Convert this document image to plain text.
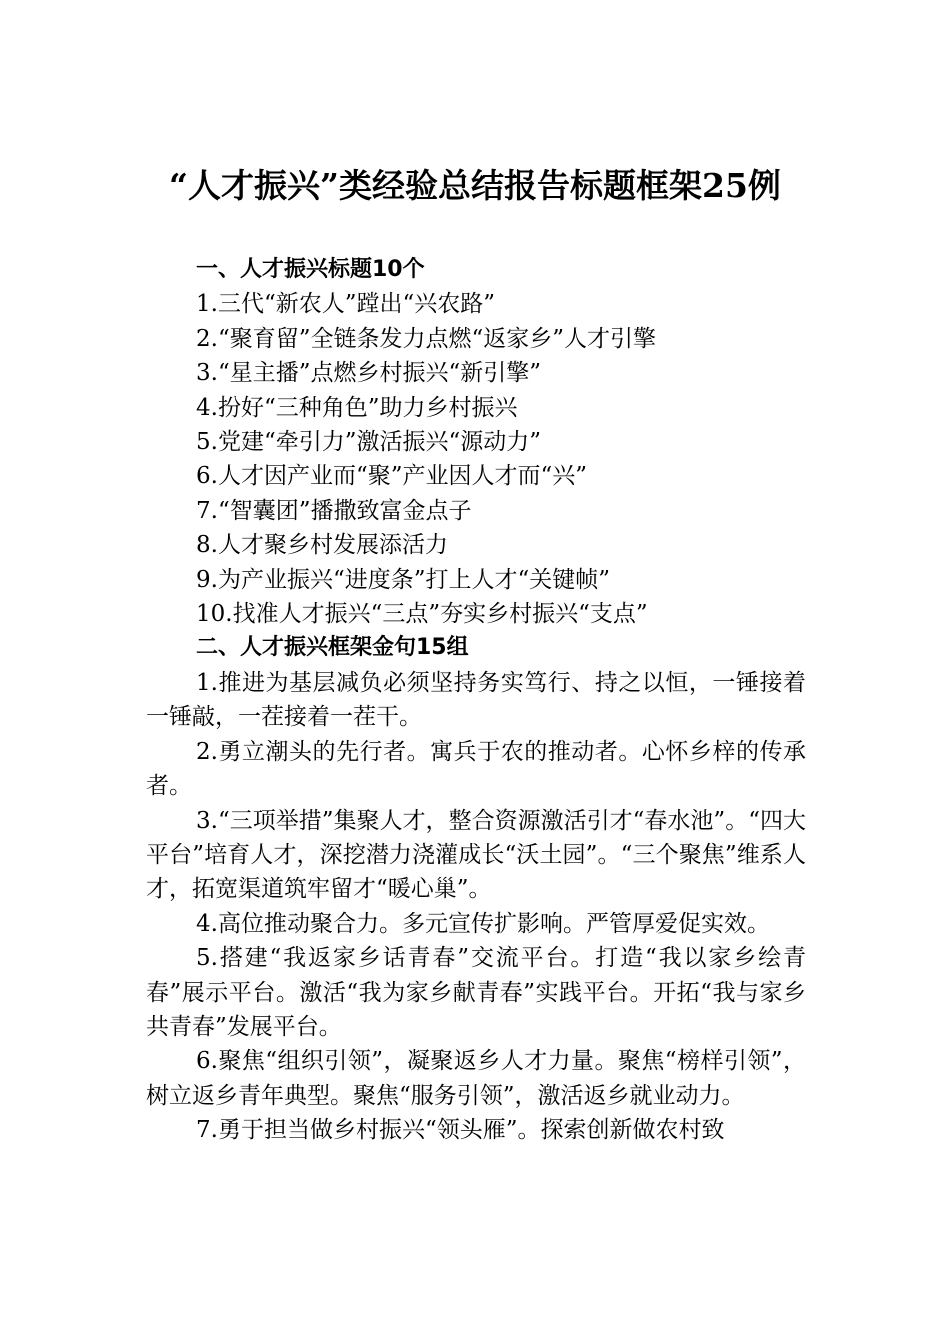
“人才振兴”类经验总结报告标题框架25例

一、人才振兴标题10个

1.三代“新农人”蹚出“兴农路”

2.“聚育留”全链条发力点燃“返家乡”人才引擎

3.“星主播”点燃乡村振兴“新引擎”

4.扮好“三种角色”助力乡村振兴

5.党建“牵引力”激活振兴“源动力”

6.人才因产业而“聚”产业因人才而“兴”

7.“智囊团”播撒致富金点子

8.人才聚乡村发展添活力

9.为产业振兴“进度条”打上人才“关键帧”

10.找准人才振兴“三点”夯实乡村振兴“支点”

二、人才振兴框架金句15组

1.推进为基层减负必须坚持务实笃行、持之以恒，一锤接着一锤敲，一茬接着一茬干。

2.勇立潮头的先行者。寓兵于农的推动者。心怀乡梓的传承者。

3.“三项举措”集聚人才，整合资源激活引才“春水池”。“四大平台”培育人才，深挖潜力浇灌成长“沃土园”。“三个聚焦”维系人才，拓宽渠道筑牢留才“暖心巢”。

4.高位推动聚合力。多元宣传扩影响。严管厚爱促实效。

5.搭建“我返家乡话青春”交流平台。打造“我以家乡绘青春”展示平台。激活“我为家乡献青春”实践平台。开拓“我与家乡共青春”发展平台。

6.聚焦“组织引领”，凝聚返乡人才力量。聚焦“榜样引领”，树立返乡青年典型。聚焦“服务引领”，激活返乡就业动力。

7.勇于担当做乡村振兴“领头雁”。探索创新做农村致
